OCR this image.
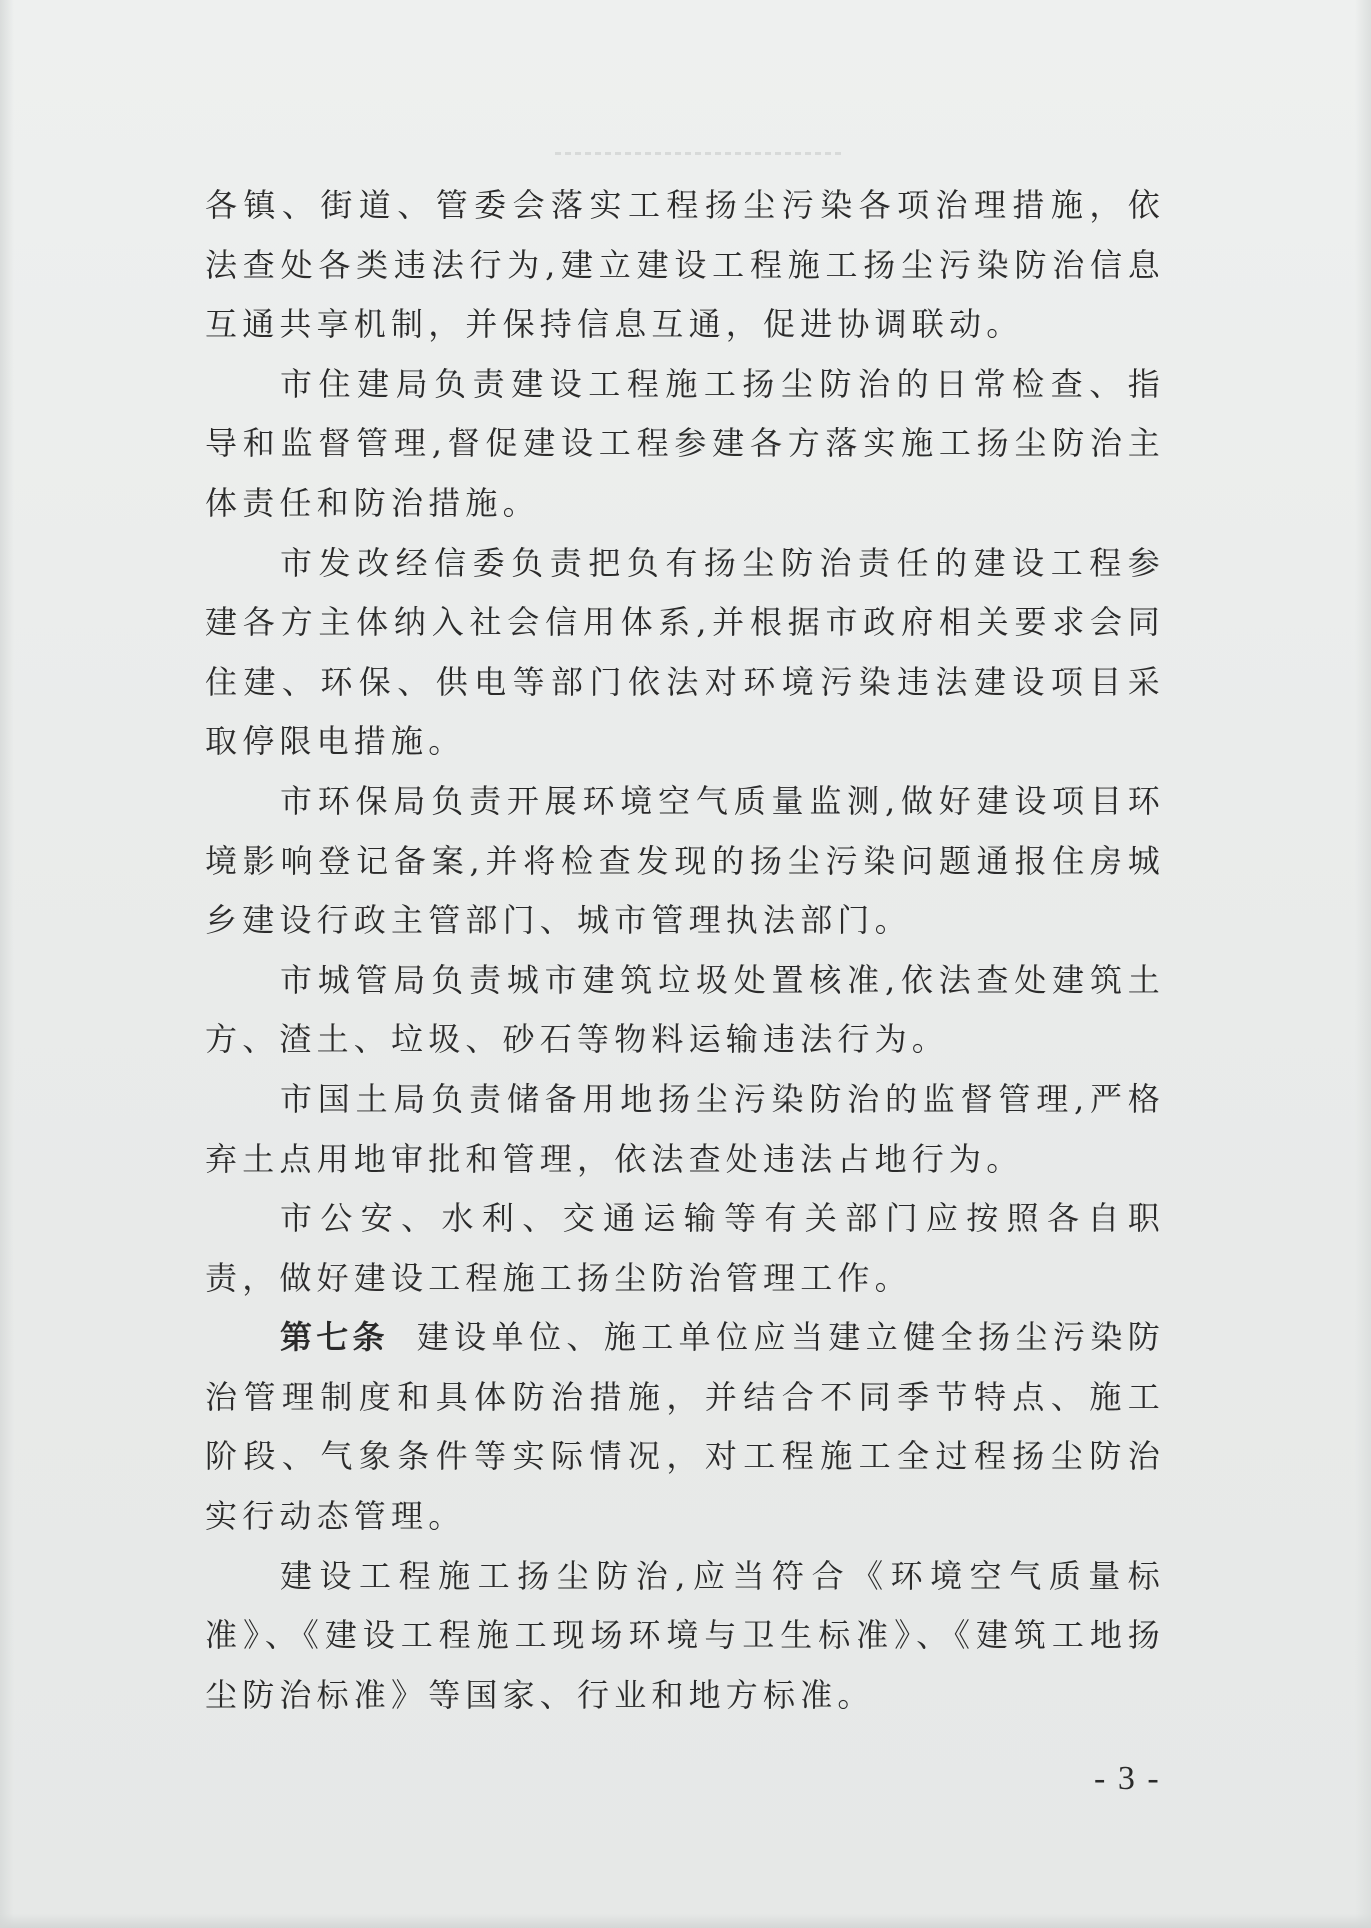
各镇、街道、管委会落实工程扬尘污染各项治理措施，依法查处各类违法行为,建立建设工程施工扬尘污染防治信息互通共享机制，并保持信息互通，促进协调联动。

市住建局负责建设工程施工扬尘防治的日常检查、指导和监督管理,督促建设工程参建各方落实施工扬尘防治主体责任和防治措施。

市发改经信委负责把负有扬尘防治责任的建设工程参建各方主体纳入社会信用体系,并根据市政府相关要求会同住建、环保、供电等部门依法对环境污染违法建设项目采取停限电措施。

市环保局负责开展环境空气质量监测,做好建设项目环境影响登记备案,并将检查发现的扬尘污染问题通报住房城乡建设行政主管部门、城市管理执法部门。

市城管局负责城市建筑垃圾处置核准,依法查处建筑土方、渣土、垃圾、砂石等物料运输违法行为。

市国土局负责储备用地扬尘污染防治的监督管理,严格弃土点用地审批和管理，依法查处违法占地行为。

市公安、水利、交通运输等有关部门应按照各自职责，做好建设工程施工扬尘防治管理工作。

第七条 建设单位、施工单位应当建立健全扬尘污染防治管理制度和具体防治措施，并结合不同季节特点、施工阶段、气象条件等实际情况，对工程施工全过程扬尘防治实行动态管理。

建设工程施工扬尘防治,应当符合《环境空气质量标准》、《建设工程施工现场环境与卫生标准》、《建筑工地扬尘防治标准》等国家、行业和地方标准。

- 3 -
